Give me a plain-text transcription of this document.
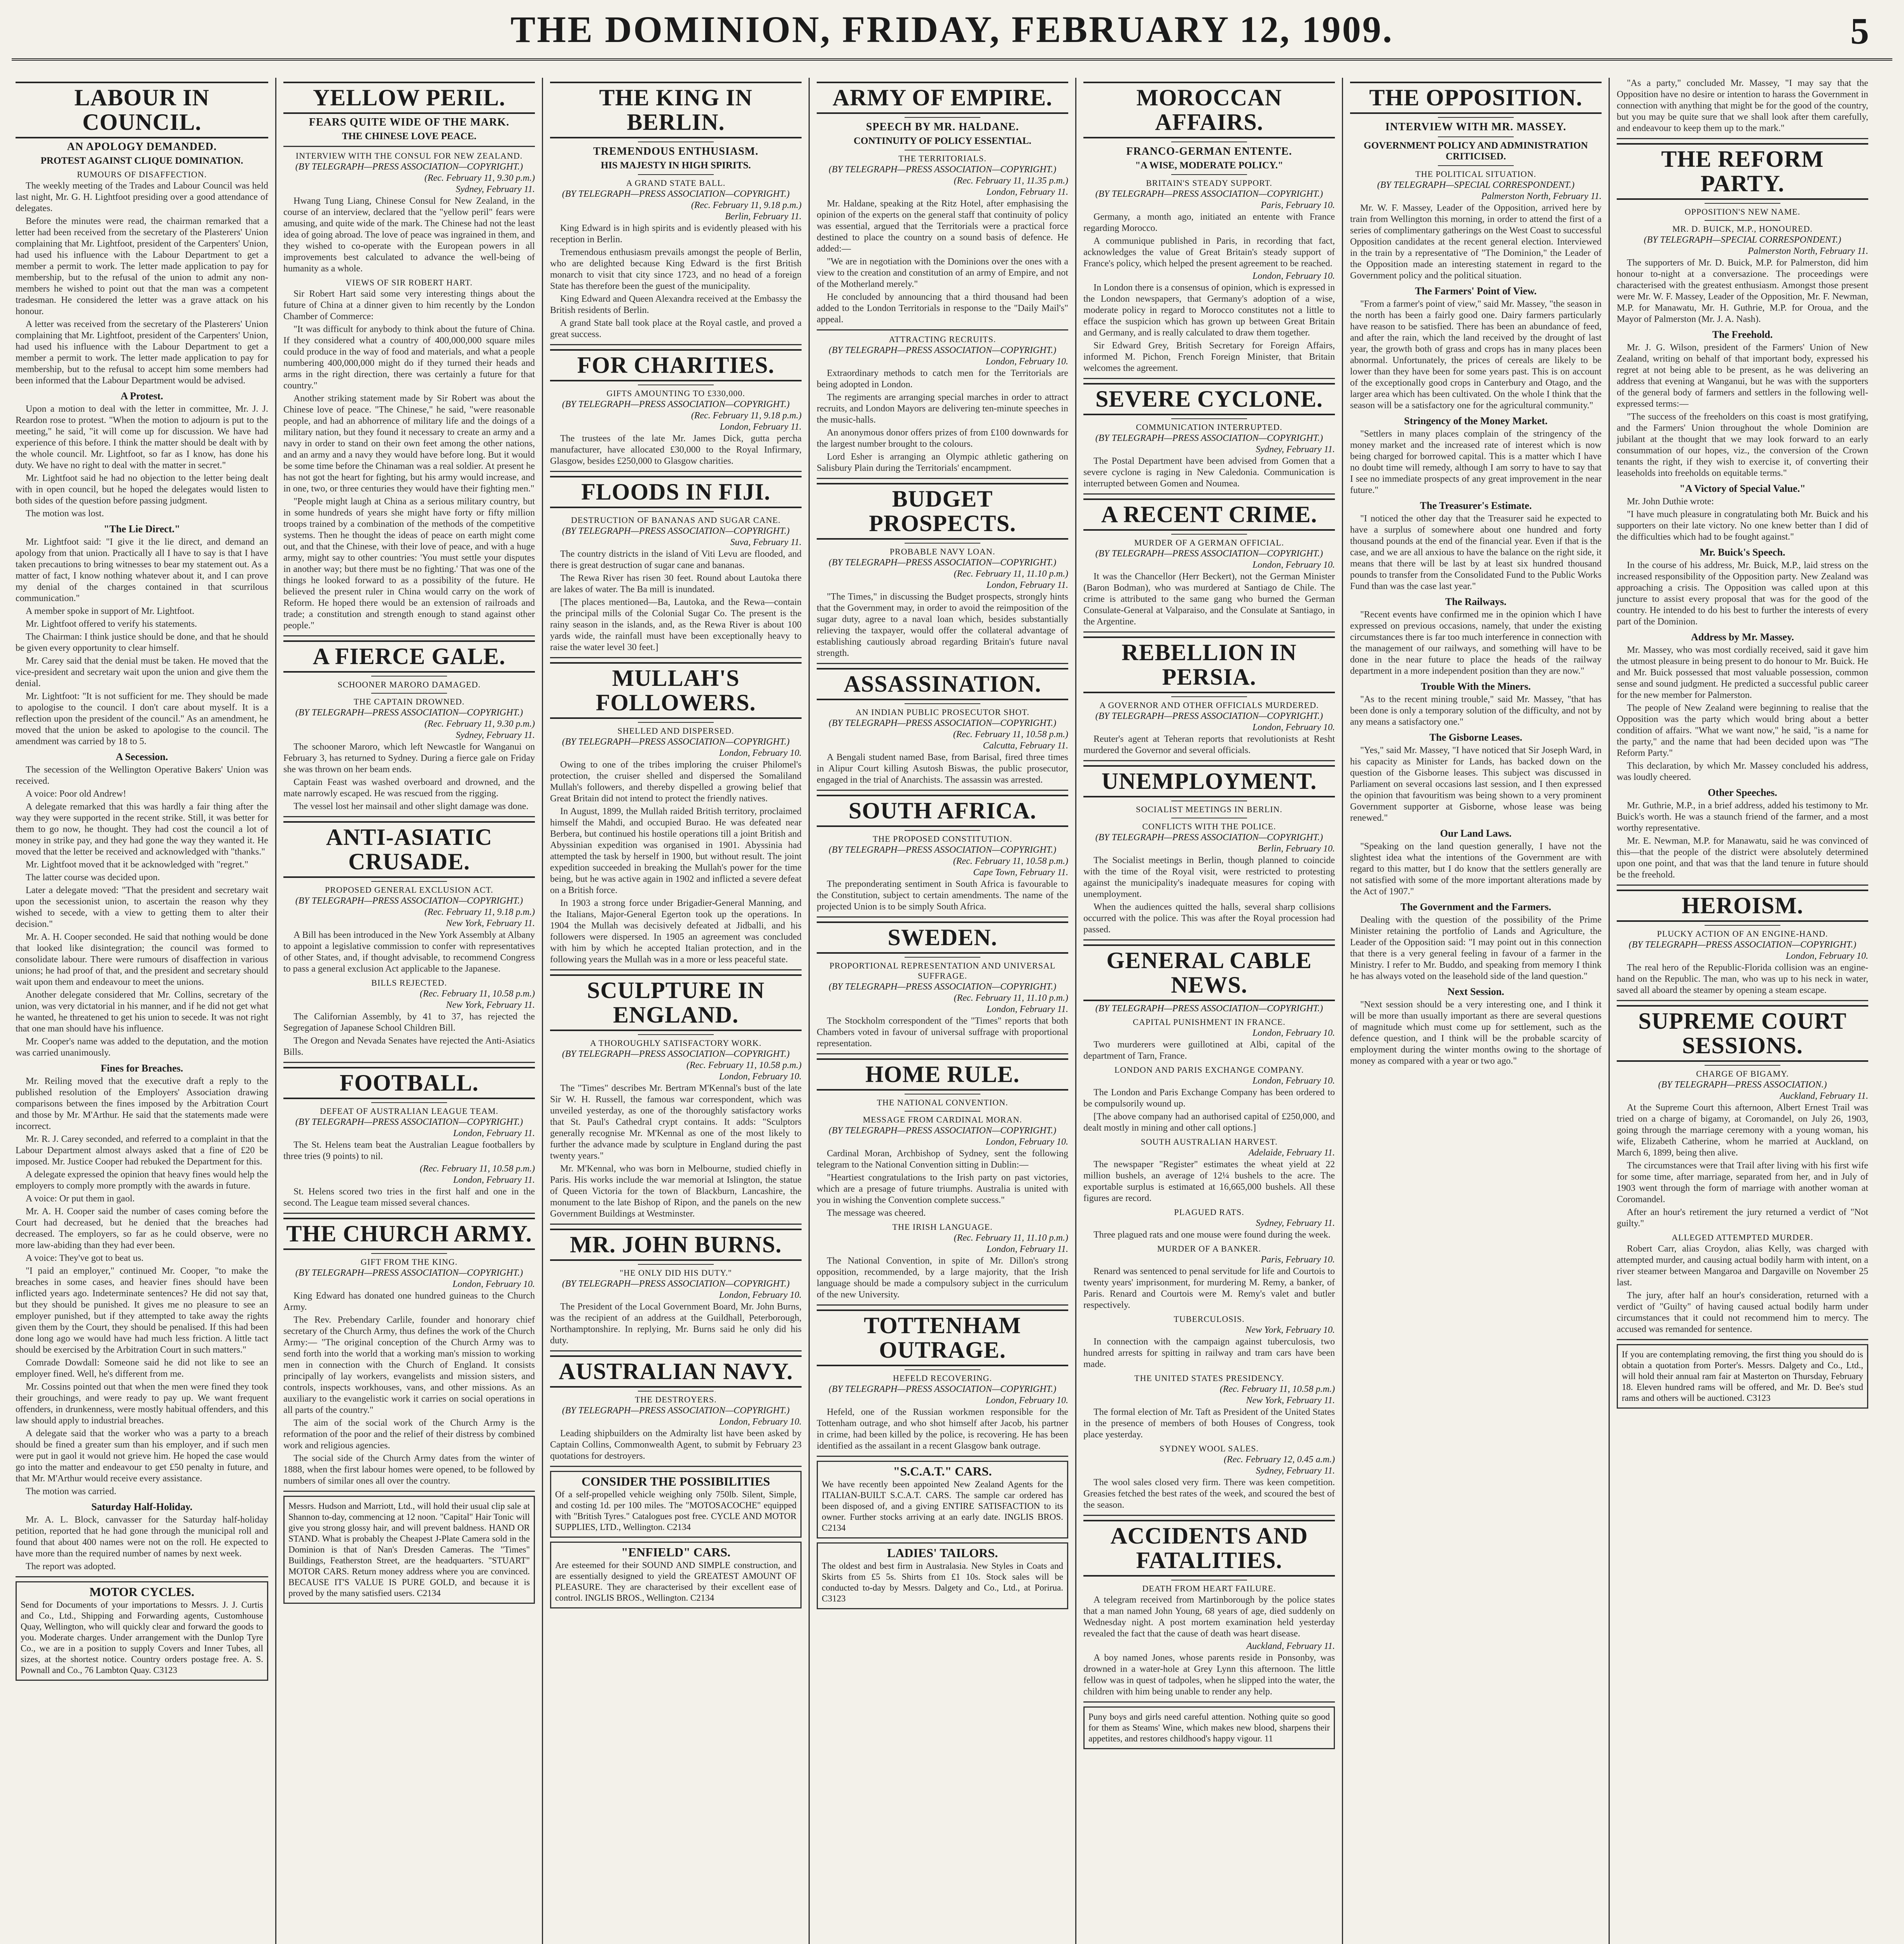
THE DOMINION, FRIDAY, FEBRUARY 12, 1909.	5
LABOUR IN COUNCIL.
AN APOLOGY DEMANDED.
PROTEST AGAINST CLIQUE DOMINATION.
RUMOURS OF DISAFFECTION.
The weekly meeting of the Trades and Labour Council was held last night, Mr. G. H. Lightfoot presiding over a good attendance of delegates.
Before the minutes were read, the chairman remarked that a letter had been received from the secretary of the Plasterers' Union complaining that Mr. Lightfoot, president of the Carpenters' Union, had used his influence with the Labour Department to get a member a permit to work. The letter made application to pay for membership, but to the refusal of the union to admit any non-members he wished to point out that the man was a competent tradesman. He considered the letter was a grave attack on his honour.
A letter was received from the secretary of the Plasterers' Union complaining that Mr. Lightfoot, president of the Carpenters' Union, had used his influence with the Labour Department to get a member a permit to work. The letter made application to pay for membership, but to the refusal to accept him some members had been informed that the Labour Department would be advised.
A Protest.
Upon a motion to deal with the letter in committee, Mr. J. J. Reardon rose to protest. "When the motion to adjourn is put to the meeting," he said, "it will come up for discussion. We have had experience of this before. I think the matter should be dealt with by the whole council. Mr. Lightfoot, so far as I know, has done his duty. We have no right to deal with the matter in secret."
Mr. Lightfoot said he had no objection to the letter being dealt with in open council, but he hoped the delegates would listen to both sides of the question before passing judgment.
The motion was lost.
"The Lie Direct."
Mr. Lightfoot said: "I give it the lie direct, and demand an apology from that union. Practically all I have to say is that I have taken precautions to bring witnesses to bear my statement out. As a matter of fact, I know nothing whatever about it, and I can prove my denial of the charges contained in that scurrilous communication."
A member spoke in support of Mr. Lightfoot.
Mr. Lightfoot offered to verify his statements.
The Chairman: I think justice should be done, and that he should be given every opportunity to clear himself.
Mr. Carey said that the denial must be taken. He moved that the vice-president and secretary wait upon the union and give them the denial.
Mr. Lightfoot: "It is not sufficient for me. They should be made to apologise to the council. I don't care about myself. It is a reflection upon the president of the council." As an amendment, he moved that the union be asked to apologise to the council. The amendment was carried by 18 to 5.
A Secession.
The secession of the Wellington Operative Bakers' Union was received.
A voice: Poor old Andrew!
A delegate remarked that this was hardly a fair thing after the way they were supported in the recent strike. Still, it was better for them to go now, he thought. They had cost the council a lot of money in strike pay, and they had gone the way they wanted it. He moved that the letter be received and acknowledged with "thanks."
Mr. Lightfoot moved that it be acknowledged with "regret."
The latter course was decided upon.
Later a delegate moved: "That the president and secretary wait upon the secessionist union, to ascertain the reason why they wished to secede, with a view to getting them to alter their decision."
Mr. A. H. Cooper seconded. He said that nothing would be done that looked like disintegration; the council was formed to consolidate labour. There were rumours of disaffection in various unions; he had proof of that, and the president and secretary should wait upon them and endeavour to meet the unions.
Another delegate considered that Mr. Collins, secretary of the union, was very dictatorial in his manner, and if he did not get what he wanted, he threatened to get his union to secede. It was not right that one man should have his influence.
Mr. Cooper's name was added to the deputation, and the motion was carried unanimously.
Fines for Breaches.
Mr. Reiling moved that the executive draft a reply to the published resolution of the Employers' Association drawing comparisons between the fines imposed by the Arbitration Court and those by Mr. M'Arthur. He said that the statements made were incorrect.
Mr. R. J. Carey seconded, and referred to a complaint in that the Labour Department almost always asked that a fine of £20 be imposed. Mr. Justice Cooper had rebuked the Department for this.
A delegate expressed the opinion that heavy fines would help the employers to comply more promptly with the awards in future.
A voice: Or put them in gaol.
Mr. A. H. Cooper said the number of cases coming before the Court had decreased, but he denied that the breaches had decreased. The employers, so far as he could observe, were no more law-abiding than they had ever been.
A voice: They've got to beat us.
"I paid an employer," continued Mr. Cooper, "to make the breaches in some cases, and heavier fines should have been inflicted years ago. Indeterminate sentences? He did not say that, but they should be punished. It gives me no pleasure to see an employer punished, but if they attempted to take away the rights given them by the Court, they should be penalised. If this had been done long ago we would have had much less friction. A little tact should be exercised by the Arbitration Court in such matters."
Comrade Dowdall: Someone said he did not like to see an employer fined. Well, he's different from me.
Mr. Cossins pointed out that when the men were fined they took their grouchings, and were ready to pay up. We want frequent offenders, in drunkenness, were mostly habitual offenders, and this law should apply to industrial breaches.
A delegate said that the worker who was a party to a breach should be fined a greater sum than his employer, and if such men were put in gaol it would not grieve him. He hoped the case would go into the matter and endeavour to get £50 penalty in future, and that Mr. M'Arthur would receive every assistance.
The motion was carried.
Saturday Half-Holiday.
Mr. A. L. Block, canvasser for the Saturday half-holiday petition, reported that he had gone through the municipal roll and found that about 400 names were not on the roll. He expected to have more than the required number of names by next week.
The report was adopted.
MOTOR CYCLES.
Send for Documents of your importations to Messrs. J. J. Curtis and Co., Ltd., Shipping and Forwarding agents, Customhouse Quay, Wellington, who will quickly clear and forward the goods to you. Moderate charges. Under arrangement with the Dunlop Tyre Co., we are in a position to supply Covers and Inner Tubes, all sizes, at the shortest notice. Country orders postage free. A. S. Pownall and Co., 76 Lambton Quay. C3123
YELLOW PERIL.
FEARS QUITE WIDE OF THE MARK.
THE CHINESE LOVE PEACE.
INTERVIEW WITH THE CONSUL FOR NEW ZEALAND.
(BY TELEGRAPH—PRESS ASSOCIATION—COPYRIGHT.)
(Rec. February 11, 9.30 p.m.)
Sydney, February 11.
Hwang Tung Liang, Chinese Consul for New Zealand, in the course of an interview, declared that the "yellow peril" fears were amusing, and quite wide of the mark. The Chinese had not the least idea of going abroad. The love of peace was ingrained in them, and they wished to co-operate with the European powers in all improvements best calculated to advance the well-being of humanity as a whole.
VIEWS OF SIR ROBERT HART.
Sir Robert Hart said some very interesting things about the future of China at a dinner given to him recently by the London Chamber of Commerce:
"It was difficult for anybody to think about the future of China. If they considered what a country of 400,000,000 square miles could produce in the way of food and materials, and what a people numbering 400,000,000 might do if they turned their heads and arms in the right direction, there was certainly a future for that country."
Another striking statement made by Sir Robert was about the Chinese love of peace. "The Chinese," he said, "were reasonable people, and had an abhorrence of military life and the doings of a military nation, but they found it necessary to create an army and a navy in order to stand on their own feet among the other nations, and an army and a navy they would have before long. But it would be some time before the Chinaman was a real soldier. At present he has not got the heart for fighting, but his army would increase, and in one, two, or three centuries they would have their fighting men."
"People might laugh at China as a serious military country, but in some hundreds of years she might have forty or fifty million troops trained by a combination of the methods of the competitive systems. Then he thought the ideas of peace on earth might come out, and that the Chinese, with their love of peace, and with a huge army, might say to other countries: 'You must settle your disputes in another way; but there must be no fighting.' That was one of the things he looked forward to as a possibility of the future. He believed the present ruler in China would carry on the work of Reform. He hoped there would be an extension of railroads and trade; a constitution and strength enough to stand against other people."
A FIERCE GALE.
SCHOONER MARORO DAMAGED.
THE CAPTAIN DROWNED.
(BY TELEGRAPH—PRESS ASSOCIATION—COPYRIGHT.)
(Rec. February 11, 9.30 p.m.)
Sydney, February 11.
The schooner Maroro, which left Newcastle for Wanganui on February 3, has returned to Sydney. During a fierce gale on Friday she was thrown on her beam ends.
Captain Feast was washed overboard and drowned, and the mate narrowly escaped. He was rescued from the rigging.
The vessel lost her mainsail and other slight damage was done.
ANTI-ASIATIC CRUSADE.
PROPOSED GENERAL EXCLUSION ACT.
(BY TELEGRAPH—PRESS ASSOCIATION—COPYRIGHT.)
(Rec. February 11, 9.18 p.m.)
New York, February 11.
A Bill has been introduced in the New York Assembly at Albany to appoint a legislative commission to confer with representatives of other States, and, if thought advisable, to recommend Congress to pass a general exclusion Act applicable to the Japanese.
BILLS REJECTED.
(Rec. February 11, 10.58 p.m.)
New York, February 11.
The Californian Assembly, by 41 to 37, has rejected the Segregation of Japanese School Children Bill.
The Oregon and Nevada Senates have rejected the Anti-Asiatics Bills.
FOOTBALL.
DEFEAT OF AUSTRALIAN LEAGUE TEAM.
(BY TELEGRAPH—PRESS ASSOCIATION—COPYRIGHT.)
London, February 11.
The St. Helens team beat the Australian League footballers by three tries (9 points) to nil.
(Rec. February 11, 10.58 p.m.)
London, February 11.
St. Helens scored two tries in the first half and one in the second. The League team missed several chances.
THE CHURCH ARMY.
GIFT FROM THE KING.
(BY TELEGRAPH—PRESS ASSOCIATION—COPYRIGHT.)
London, February 10.
King Edward has donated one hundred guineas to the Church Army.
The Rev. Prebendary Carlile, founder and honorary chief secretary of the Church Army, thus defines the work of the Church Army:— "The original conception of the Church Army was to send forth into the world that a working man's mission to working men in connection with the Church of England. It consists principally of lay workers, evangelists and mission sisters, and controls, inspects workhouses, vans, and other missions. As an auxiliary to the evangelistic work it carries on social operations in all parts of the country."
The aim of the social work of the Church Army is the reformation of the poor and the relief of their distress by combined work and religious agencies.
The social side of the Church Army dates from the winter of 1888, when the first labour homes were opened, to be followed by numbers of similar ones all over the country.
Messrs. Hudson and Marriott, Ltd., will hold their usual clip sale at Shannon to-day, commencing at 12 noon. "Capital" Hair Tonic will give you strong glossy hair, and will prevent baldness. HAND OR STAND. What is probably the Cheapest J-Plate Camera sold in the Dominion is that of Nan's Dresden Cameras. The "Times" Buildings, Featherston Street, are the headquarters. "STUART" MOTOR CARS. Return money address where you are convinced. BECAUSE IT'S VALUE IS PURE GOLD, and because it is proved by the many satisfied users. C2134
THE KING IN BERLIN.
TREMENDOUS ENTHUSIASM.
HIS MAJESTY IN HIGH SPIRITS.
A GRAND STATE BALL.
(BY TELEGRAPH—PRESS ASSOCIATION—COPYRIGHT.)
(Rec. February 11, 9.18 p.m.)
Berlin, February 11.
King Edward is in high spirits and is evidently pleased with his reception in Berlin.
Tremendous enthusiasm prevails amongst the people of Berlin, who are delighted because King Edward is the first British monarch to visit that city since 1723, and no head of a foreign State has therefore been the guest of the municipality.
King Edward and Queen Alexandra received at the Embassy the British residents of Berlin.
A grand State ball took place at the Royal castle, and proved a great success.
FOR CHARITIES.
GIFTS AMOUNTING TO £330,000.
(BY TELEGRAPH—PRESS ASSOCIATION—COPYRIGHT.)
(Rec. February 11, 9.18 p.m.)
London, February 11.
The trustees of the late Mr. James Dick, gutta percha manufacturer, have allocated £30,000 to the Royal Infirmary, Glasgow, besides £250,000 to Glasgow charities.
FLOODS IN FIJI.
DESTRUCTION OF BANANAS AND SUGAR CANE.
(BY TELEGRAPH—PRESS ASSOCIATION—COPYRIGHT.)
Suva, February 11.
The country districts in the island of Viti Levu are flooded, and there is great destruction of sugar cane and bananas.
The Rewa River has risen 30 feet. Round about Lautoka there are lakes of water. The Ba mill is inundated.
[The places mentioned—Ba, Lautoka, and the Rewa—contain the principal mills of the Colonial Sugar Co. The present is the rainy season in the islands, and, as the Rewa River is about 100 yards wide, the rainfall must have been exceptionally heavy to raise the water level 30 feet.]
MULLAH'S FOLLOWERS.
SHELLED AND DISPERSED.
(BY TELEGRAPH—PRESS ASSOCIATION—COPYRIGHT.)
London, February 10.
Owing to one of the tribes imploring the cruiser Philomel's protection, the cruiser shelled and dispersed the Somaliland Mullah's followers, and thereby dispelled a growing belief that Great Britain did not intend to protect the friendly natives.
In August, 1899, the Mullah raided British territory, proclaimed himself the Mahdi, and occupied Burao. He was defeated near Berbera, but continued his hostile operations till a joint British and Abyssinian expedition was organised in 1901. Abyssinia had attempted the task by herself in 1900, but without result. The joint expedition succeeded in breaking the Mullah's power for the time being, but he was active again in 1902 and inflicted a severe defeat on a British force.
In 1903 a strong force under Brigadier-General Manning, and the Italians, Major-General Egerton took up the operations. In 1904 the Mullah was decisively defeated at Jidballi, and his followers were dispersed. In 1905 an agreement was concluded with him by which he accepted Italian protection, and in the following years the Mullah was in a more or less peaceful state.
SCULPTURE IN ENGLAND.
A THOROUGHLY SATISFACTORY WORK.
(BY TELEGRAPH—PRESS ASSOCIATION—COPYRIGHT.)
(Rec. February 11, 10.58 p.m.)
London, February 10.
The "Times" describes Mr. Bertram M'Kennal's bust of the late Sir W. H. Russell, the famous war correspondent, which was unveiled yesterday, as one of the thoroughly satisfactory works that St. Paul's Cathedral crypt contains. It adds: "Sculptors generally recognise Mr. M'Kennal as one of the most likely to further the advance made by sculpture in England during the past twenty years."
Mr. M'Kennal, who was born in Melbourne, studied chiefly in Paris. His works include the war memorial at Islington, the statue of Queen Victoria for the town of Blackburn, Lancashire, the monument to the late Bishop of Ripon, and the panels on the new Government Buildings at Westminster.
MR. JOHN BURNS.
"HE ONLY DID HIS DUTY."
(BY TELEGRAPH—PRESS ASSOCIATION—COPYRIGHT.)
London, February 10.
The President of the Local Government Board, Mr. John Burns, was the recipient of an address at the Guildhall, Peterborough, Northamptonshire. In replying, Mr. Burns said he only did his duty.
AUSTRALIAN NAVY.
THE DESTROYERS.
(BY TELEGRAPH—PRESS ASSOCIATION—COPYRIGHT.)
London, February 10.
Leading shipbuilders on the Admiralty list have been asked by Captain Collins, Commonwealth Agent, to submit by February 23 quotations for destroyers.
CONSIDER THE POSSIBILITIES
Of a self-propelled vehicle weighing only 750lb. Silent, Simple, and costing 1d. per 100 miles. The "MOTOSACOCHE" equipped with "British Tyres." Catalogues post free. CYCLE AND MOTOR SUPPLIES, LTD., Wellington. C2134
"ENFIELD" CARS.
Are esteemed for their SOUND AND SIMPLE construction, and are essentially designed to yield the GREATEST AMOUNT OF PLEASURE. They are characterised by their excellent ease of control. INGLIS BROS., Wellington. C2134
ARMY OF EMPIRE.
SPEECH BY MR. HALDANE.
CONTINUITY OF POLICY ESSENTIAL.
THE TERRITORIALS.
(BY TELEGRAPH—PRESS ASSOCIATION—COPYRIGHT.)
(Rec. February 11, 11.35 p.m.)
London, February 11.
Mr. Haldane, speaking at the Ritz Hotel, after emphasising the opinion of the experts on the general staff that continuity of policy was essential, argued that the Territorials were a practical force destined to place the country on a sound basis of defence. He added:—
"We are in negotiation with the Dominions over the ones with a view to the creation and constitution of an army of Empire, and not of the Motherland merely."
He concluded by announcing that a third thousand had been added to the London Territorials in response to the "Daily Mail's" appeal.
ATTRACTING RECRUITS.
(BY TELEGRAPH—PRESS ASSOCIATION—COPYRIGHT.)
London, February 10.
Extraordinary methods to catch men for the Territorials are being adopted in London.
The regiments are arranging special marches in order to attract recruits, and London Mayors are delivering ten-minute speeches in the music-halls.
An anonymous donor offers prizes of from £100 downwards for the largest number brought to the colours.
Lord Esher is arranging an Olympic athletic gathering on Salisbury Plain during the Territorials' encampment.
BUDGET PROSPECTS.
PROBABLE NAVY LOAN.
(BY TELEGRAPH—PRESS ASSOCIATION—COPYRIGHT.)
(Rec. February 11, 11.10 p.m.)
London, February 11.
"The Times," in discussing the Budget prospects, strongly hints that the Government may, in order to avoid the reimposition of the sugar duty, agree to a naval loan which, besides substantially relieving the taxpayer, would offer the collateral advantage of establishing cautiously abroad regarding Britain's future naval strength.
ASSASSINATION.
AN INDIAN PUBLIC PROSECUTOR SHOT.
(BY TELEGRAPH—PRESS ASSOCIATION—COPYRIGHT.)
(Rec. February 11, 10.58 p.m.)
Calcutta, February 11.
A Bengali student named Base, from Barisal, fired three times in Alipur Court killing Asutosh Biswas, the public prosecutor, engaged in the trial of Anarchists. The assassin was arrested.
SOUTH AFRICA.
THE PROPOSED CONSTITUTION.
(BY TELEGRAPH—PRESS ASSOCIATION—COPYRIGHT.)
(Rec. February 11, 10.58 p.m.)
Cape Town, February 11.
The preponderating sentiment in South Africa is favourable to the Constitution, subject to certain amendments. The name of the projected Union is to be simply South Africa.
SWEDEN.
PROPORTIONAL REPRESENTATION AND UNIVERSAL SUFFRAGE.
(BY TELEGRAPH—PRESS ASSOCIATION—COPYRIGHT.)
(Rec. February 11, 11.10 p.m.)
London, February 11.
The Stockholm correspondent of the "Times" reports that both Chambers voted in favour of universal suffrage with proportional representation.
HOME RULE.
THE NATIONAL CONVENTION.
MESSAGE FROM CARDINAL MORAN.
(BY TELEGRAPH—PRESS ASSOCIATION—COPYRIGHT.)
London, February 10.
Cardinal Moran, Archbishop of Sydney, sent the following telegram to the National Convention sitting in Dublin:—
"Heartiest congratulations to the Irish party on past victories, which are a presage of future triumphs. Australia is united with you in wishing the Convention complete success."
The message was cheered.
THE IRISH LANGUAGE.
(Rec. February 11, 11.10 p.m.)
London, February 11.
The National Convention, in spite of Mr. Dillon's strong opposition, recommended, by a large majority, that the Irish language should be made a compulsory subject in the curriculum of the new University.
TOTTENHAM OUTRAGE.
HEFELD RECOVERING.
(BY TELEGRAPH—PRESS ASSOCIATION—COPYRIGHT.)
London, February 10.
Hefeld, one of the Russian workmen responsible for the Tottenham outrage, and who shot himself after Jacob, his partner in crime, had been killed by the police, is recovering. He has been identified as the assailant in a recent Glasgow bank outrage.
"S.C.A.T." CARS.
We have recently been appointed New Zealand Agents for the ITALIAN-BUILT S.C.A.T. CARS. The sample car ordered has been disposed of, and a giving ENTIRE SATISFACTION to its owner. Further stocks arriving at an early date. INGLIS BROS. C2134
LADIES' TAILORS.
The oldest and best firm in Australasia. New Styles in Coats and Skirts from £5 5s. Shirts from £1 10s. Stock sales will be conducted to-day by Messrs. Dalgety and Co., Ltd., at Porirua. C3123
MOROCCAN AFFAIRS.
FRANCO-GERMAN ENTENTE.
"A WISE, MODERATE POLICY."
BRITAIN'S STEADY SUPPORT.
(BY TELEGRAPH—PRESS ASSOCIATION—COPYRIGHT.)
Paris, February 10.
Germany, a month ago, initiated an entente with France regarding Morocco.
A communique published in Paris, in recording that fact, acknowledges the value of Great Britain's steady support of France's policy, which helped the present agreement to be reached.
London, February 10.
In London there is a consensus of opinion, which is expressed in the London newspapers, that Germany's adoption of a wise, moderate policy in regard to Morocco constitutes not a little to efface the suspicion which has grown up between Great Britain and Germany, and is really calculated to draw them together.
Sir Edward Grey, British Secretary for Foreign Affairs, informed M. Pichon, French Foreign Minister, that Britain welcomes the agreement.
SEVERE CYCLONE.
COMMUNICATION INTERRUPTED.
(BY TELEGRAPH—PRESS ASSOCIATION—COPYRIGHT.)
Sydney, February 11.
The Postal Department have been advised from Gomen that a severe cyclone is raging in New Caledonia. Communication is interrupted between Gomen and Noumea.
A RECENT CRIME.
MURDER OF A GERMAN OFFICIAL.
(BY TELEGRAPH—PRESS ASSOCIATION—COPYRIGHT.)
London, February 10.
It was the Chancellor (Herr Beckert), not the German Minister (Baron Bodman), who was murdered at Santiago de Chile. The crime is attributed to the same gang who burned the German Consulate-General at Valparaiso, and the Consulate at Santiago, in the Argentine.
REBELLION IN PERSIA.
A GOVERNOR AND OTHER OFFICIALS MURDERED.
(BY TELEGRAPH—PRESS ASSOCIATION—COPYRIGHT.)
London, February 10.
Reuter's agent at Teheran reports that revolutionists at Resht murdered the Governor and several officials.
UNEMPLOYMENT.
SOCIALIST MEETINGS IN BERLIN.
CONFLICTS WITH THE POLICE.
(BY TELEGRAPH—PRESS ASSOCIATION—COPYRIGHT.)
Berlin, February 10.
The Socialist meetings in Berlin, though planned to coincide with the time of the Royal visit, were restricted to protesting against the municipality's inadequate measures for coping with unemployment.
When the audiences quitted the halls, several sharp collisions occurred with the police. This was after the Royal procession had passed.
GENERAL CABLE NEWS.
(BY TELEGRAPH—PRESS ASSOCIATION—COPYRIGHT.)
CAPITAL PUNISHMENT IN FRANCE.
London, February 10.
Two murderers were guillotined at Albi, capital of the department of Tarn, France.
LONDON AND PARIS EXCHANGE COMPANY.
London, February 10.
The London and Paris Exchange Company has been ordered to be compulsorily wound up.
[The above company had an authorised capital of £250,000, and dealt mostly in mining and other call options.]
SOUTH AUSTRALIAN HARVEST.
Adelaide, February 11.
The newspaper "Register" estimates the wheat yield at 22 million bushels, an average of 12¼ bushels to the acre. The exportable surplus is estimated at 16,665,000 bushels. All these figures are record.
PLAGUED RATS.
Sydney, February 11.
Three plagued rats and one mouse were found during the week.
MURDER OF A BANKER.
Paris, February 10.
Renard was sentenced to penal servitude for life and Courtois to twenty years' imprisonment, for murdering M. Remy, a banker, of Paris. Renard and Courtois were M. Remy's valet and butler respectively.
TUBERCULOSIS.
New York, February 10.
In connection with the campaign against tuberculosis, two hundred arrests for spitting in railway and tram cars have been made.
THE UNITED STATES PRESIDENCY.
(Rec. February 11, 10.58 p.m.)
New York, February 11.
The formal election of Mr. Taft as President of the United States in the presence of members of both Houses of Congress, took place yesterday.
SYDNEY WOOL SALES.
(Rec. February 12, 0.45 a.m.)
Sydney, February 11.
The wool sales closed very firm. There was keen competition. Greasies fetched the best rates of the week, and scoured the best of the season.
ACCIDENTS AND FATALITIES.
DEATH FROM HEART FAILURE.
A telegram received from Martinborough by the police states that a man named John Young, 68 years of age, died suddenly on Wednesday night. A post mortem examination held yesterday revealed the fact that the cause of death was heart disease.
Auckland, February 11.
A boy named Jones, whose parents reside in Ponsonby, was drowned in a water-hole at Grey Lynn this afternoon. The little fellow was in quest of tadpoles, when he slipped into the water, the children with him being unable to render any help.
Puny boys and girls need careful attention. Nothing quite so good for them as Steams' Wine, which makes new blood, sharpens their appetites, and restores childhood's happy vigour. 11
THE OPPOSITION.
INTERVIEW WITH MR. MASSEY.
GOVERNMENT POLICY AND ADMINISTRATION CRITICISED.
THE POLITICAL SITUATION.
(BY TELEGRAPH—SPECIAL CORRESPONDENT.)
Palmerston North, February 11.
Mr. W. F. Massey, Leader of the Opposition, arrived here by train from Wellington this morning, in order to attend the first of a series of complimentary gatherings on the West Coast to successful Opposition candidates at the recent general election. Interviewed in the train by a representative of "The Dominion," the Leader of the Opposition made an interesting statement in regard to the Government policy and the political situation.
The Farmers' Point of View.
"From a farmer's point of view," said Mr. Massey, "the season in the north has been a fairly good one. Dairy farmers particularly have reason to be satisfied. There has been an abundance of feed, and after the rain, which the land received by the drought of last year, the growth both of grass and crops has in many places been abnormal. Unfortunately, the prices of cereals are likely to be lower than they have been for some years past. This is on account of the exceptionally good crops in Canterbury and Otago, and the larger area which has been cultivated. On the whole I think that the season will be a satisfactory one for the agricultural community."
Stringency of the Money Market.
"Settlers in many places complain of the stringency of the money market and the increased rate of interest which is now being charged for borrowed capital. This is a matter which I have no doubt time will remedy, although I am sorry to have to say that I see no immediate prospects of any great improvement in the near future."
The Treasurer's Estimate.
"I noticed the other day that the Treasurer said he expected to have a surplus of somewhere about one hundred and forty thousand pounds at the end of the financial year. Even if that is the case, and we are all anxious to have the balance on the right side, it means that there will be last by at least six hundred thousand pounds to transfer from the Consolidated Fund to the Public Works Fund than was the case last year."
The Railways.
"Recent events have confirmed me in the opinion which I have expressed on previous occasions, namely, that under the existing circumstances there is far too much interference in connection with the management of our railways, and something will have to be done in the near future to place the heads of the railway department in a more independent position than they are now."
Trouble With the Miners.
"As to the recent mining trouble," said Mr. Massey, "that has been done is only a temporary solution of the difficulty, and not by any means a satisfactory one."
The Gisborne Leases.
"Yes," said Mr. Massey, "I have noticed that Sir Joseph Ward, in his capacity as Minister for Lands, has backed down on the question of the Gisborne leases. This subject was discussed in Parliament on several occasions last session, and I then expressed the opinion that favouritism was being shown to a very prominent Government supporter at Gisborne, whose lease was being renewed."
Our Land Laws.
"Speaking on the land question generally, I have not the slightest idea what the intentions of the Government are with regard to this matter, but I do know that the settlers generally are not satisfied with some of the more important alterations made by the Act of 1907."
The Government and the Farmers.
Dealing with the question of the possibility of the Prime Minister retaining the portfolio of Lands and Agriculture, the Leader of the Opposition said: "I may point out in this connection that there is a very general feeling in favour of a farmer in the Ministry. I refer to Mr. Buddo, and speaking from memory I think he has always voted on the leasehold side of the land question."
Next Session.
"Next session should be a very interesting one, and I think it will be more than usually important as there are several questions of magnitude which must come up for settlement, such as the defence question, and I think will be the probable scarcity of employment during the winter months owing to the shortage of money as compared with a year or two ago."
"As a party," concluded Mr. Massey, "I may say that the Opposition have no desire or intention to harass the Government in connection with anything that might be for the good of the country, but you may be quite sure that we shall look after them carefully, and endeavour to keep them up to the mark."
THE REFORM PARTY.
OPPOSITION'S NEW NAME.
MR. D. BUICK, M.P., HONOURED.
(BY TELEGRAPH—SPECIAL CORRESPONDENT.)
Palmerston North, February 11.
The supporters of Mr. D. Buick, M.P. for Palmerston, did him honour to-night at a conversazione. The proceedings were characterised with the greatest enthusiasm. Amongst those present were Mr. W. F. Massey, Leader of the Opposition, Mr. F. Newman, M.P. for Manawatu, Mr. H. Guthrie, M.P. for Oroua, and the Mayor of Palmerston (Mr. J. A. Nash).
The Freehold.
Mr. J. G. Wilson, president of the Farmers' Union of New Zealand, writing on behalf of that important body, expressed his regret at not being able to be present, as he was delivering an address that evening at Wanganui, but he was with the supporters of the general body of farmers and settlers in the following well-expressed terms:—
"The success of the freeholders on this coast is most gratifying, and the Farmers' Union throughout the whole Dominion are jubilant at the thought that we may look forward to an early consummation of our hopes, viz., the conversion of the Crown tenants the right, if they wish to exercise it, of converting their leaseholds into freeholds on equitable terms."
"A Victory of Special Value."
Mr. John Duthie wrote:
"I have much pleasure in congratulating both Mr. Buick and his supporters on their late victory. No one knew better than I did of the difficulties which had to be fought against."
Mr. Buick's Speech.
In the course of his address, Mr. Buick, M.P., laid stress on the increased responsibility of the Opposition party. New Zealand was approaching a crisis. The Opposition was called upon at this juncture to assist every proposal that was for the good of the country. He intended to do his best to further the interests of every part of the Dominion.
Address by Mr. Massey.
Mr. Massey, who was most cordially received, said it gave him the utmost pleasure in being present to do honour to Mr. Buick. He and Mr. Buick possessed that most valuable possession, common sense and sound judgment. He predicted a successful public career for the new member for Palmerston.
The people of New Zealand were beginning to realise that the Opposition was the party which would bring about a better condition of affairs. "What we want now," he said, "is a name for the party," and the name that had been decided upon was "The Reform Party."
This declaration, by which Mr. Massey concluded his address, was loudly cheered.
Other Speeches.
Mr. Guthrie, M.P., in a brief address, added his testimony to Mr. Buick's worth. He was a staunch friend of the farmer, and a most worthy representative.
Mr. E. Newman, M.P. for Manawatu, said he was convinced of this—that the people of the district were absolutely determined upon one point, and that was that the land tenure in future should be the freehold.
HEROISM.
PLUCKY ACTION OF AN ENGINE-HAND.
(BY TELEGRAPH—PRESS ASSOCIATION—COPYRIGHT.)
London, February 10.
The real hero of the Republic-Florida collision was an engine-hand on the Republic. The man, who was up to his neck in water, saved all aboard the steamer by opening a steam escape.
SUPREME COURT SESSIONS.
CHARGE OF BIGAMY.
(BY TELEGRAPH—PRESS ASSOCIATION.)
Auckland, February 11.
At the Supreme Court this afternoon, Albert Ernest Trail was tried on a charge of bigamy, at Coromandel, on July 26, 1903, going through the marriage ceremony with a young woman, his wife, Elizabeth Catherine, whom he married at Auckland, on March 6, 1899, being then alive.
The circumstances were that Trail after living with his first wife for some time, after marriage, separated from her, and in July of 1903 went through the form of marriage with another woman at Coromandel.
After an hour's retirement the jury returned a verdict of "Not guilty."
ALLEGED ATTEMPTED MURDER.
Robert Carr, alias Croydon, alias Kelly, was charged with attempted murder, and causing actual bodily harm with intent, on a river steamer between Mangaroa and Dargaville on November 25 last.
The jury, after half an hour's consideration, returned with a verdict of "Guilty" of having caused actual bodily harm under circumstances that it could not recommend him to mercy. The accused was remanded for sentence.
If you are contemplating removing, the first thing you should do is obtain a quotation from Porter's. Messrs. Dalgety and Co., Ltd., will hold their annual ram fair at Masterton on Thursday, February 18. Eleven hundred rams will be offered, and Mr. D. Bee's stud rams and others will be auctioned. C3123
